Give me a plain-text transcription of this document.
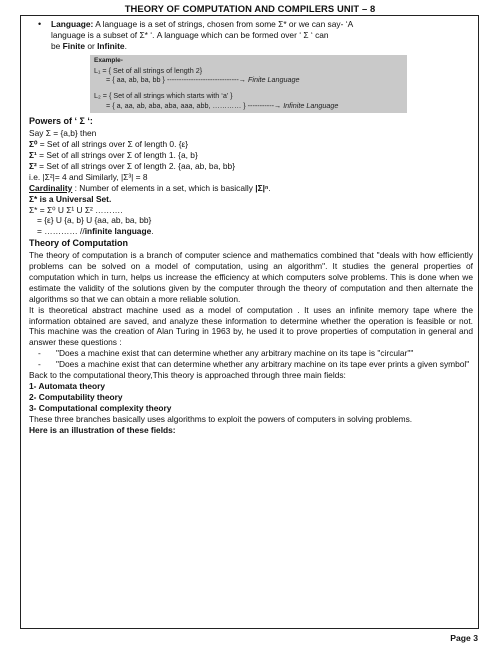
THEORY OF COMPUTATION AND COMPILERS UNIT – 8
• Language: A language is a set of strings, chosen from some Σ* or we can say- ‘A
language is a subset of Σ* ‘. A language which can be formed over ‘ Σ ‘ can
be Finite or Infinite.
Example-
L₁ = { Set of all strings of length 2}
= { aa, ab, ba, bb } ------------------------------→ Finite Language
L₂ = { Set of all strings which starts with ‘a’ }
= { a, aa, ab, aba, aba, aaa, abb, ………… } -----------→ Infinite Language
Powers of ‘ Σ ‘:
Say Σ = {a,b} then
Σ⁰ = Set of all strings over Σ of length 0. {ε}
Σ¹ = Set of all strings over Σ of length 1. {a, b}
Σ² = Set of all strings over Σ of length 2. {aa, ab, ba, bb}
i.e. |Σ²|= 4 and Similarly, |Σ³| = 8
Cardinality : Number of elements in a set, which is basically |Σ|ⁿ.
Σ* is a Universal Set.
Σ* = Σ⁰ U Σ¹ U Σ² ……….
= {ε} U {a, b} U {aa, ab, ba, bb}
= ………… //infinite language.
Theory of Computation
The theory of computation is a branch of computer science and mathematics combined that "deals with how efficiently problems can be solved on a model of computation, using an algorithm". It studies the general properties of computation which in turn, helps us increase the efficiency at which computers solve problems. This is done when we estimate the validity of the solutions given by the computer through the theory of computation and then alternate the algorithms so that we can obtain a more reliable solution.
It is theoretical abstract machine used as a model of computation . It uses an infinite memory tape where the information obtained are saved, and analyze these information to determine whether the operation is feasible or not. This machine was the creation of Alan Turing in 1963 by, he used it to prove properties of computation in general and answer these questions :
- "Does a machine exist that can determine whether any arbitrary machine on its tape is "circular""
- "Does a machine exist that can determine whether any arbitrary machine on its tape ever prints a given symbol"
Back to the computational theory,This theory is approached through three main fields:
1- Automata theory
2- Computability theory
3- Computational complexity theory
These three branches basically uses algorithms to exploit the powers of computers in solving problems.
Here is an illustration of these fields:
Page 3
